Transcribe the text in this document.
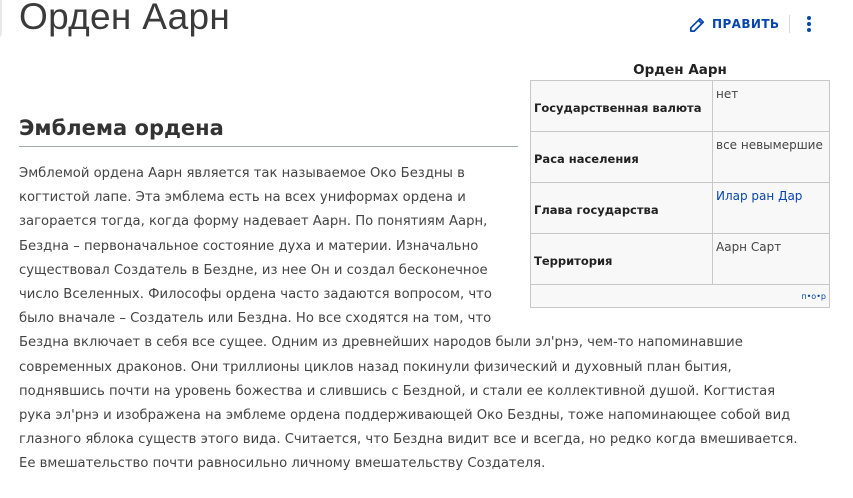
Орден Аарн	ПРАВИТЬ
Орден Аарн
Государственная валюта
нет
Раса населения
все невымершие
Глава государства
Илар ран Дар
Территория
Аарн Сарт
п•о•р
Эмблема ордена

Эмблемой ордена Аарн является так называемое Око Бездны в когтистой лапе. Эта эмблема есть на всех униформах ордена и загорается тогда, когда форму надевает Аарн. По понятиям Аарн, Бездна – первоначальное состояние духа и материи. Изначально существовал Создатель в Бездне, из нее Он и создал бесконечное число Вселенных. Философы ордена часто задаются вопросом, что было вначале – Создатель или Бездна. Но все сходятся на том, что Бездна включает в себя все сущее. Одним из древнейших народов были эл'рнэ, чем-то напоминавшие современных драконов. Они триллионы циклов назад покинули физический и духовный план бытия, поднявшись почти на уровень божества и слившись с Бездной, и стали ее коллективной душой. Когтистая рука эл'рнэ и изображена на эмблеме ордена поддерживающей Око Бездны, тоже напоминающее собой вид глазного яблока существ этого вида. Считается, что Бездна видит все и всегда, но редко когда вмешивается. Ее вмешательство почти равносильно личному вмешательству Создателя.
